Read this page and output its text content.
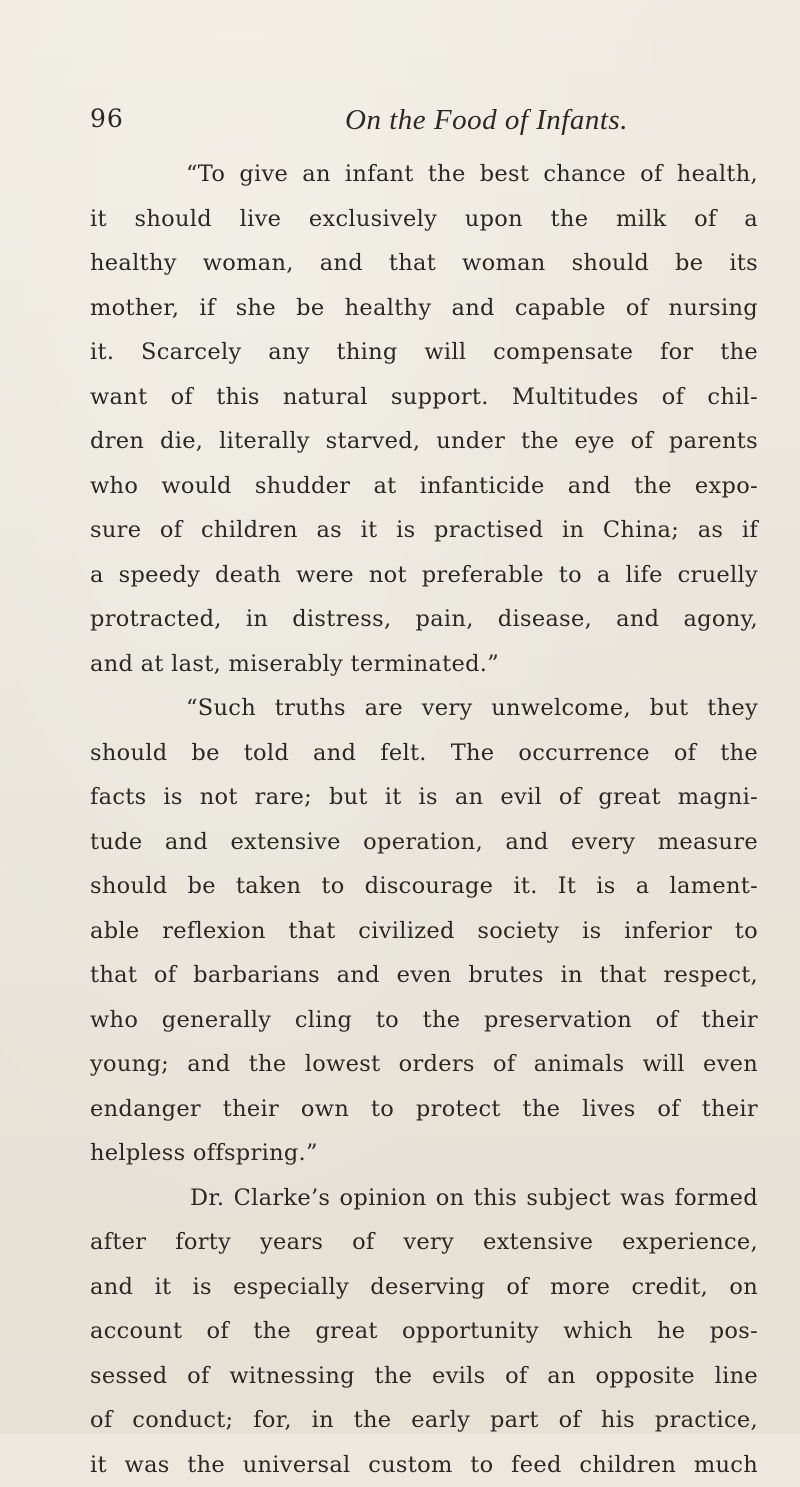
96	On the Food of Infants.
“To give an infant the best chance of health,
it should live exclusively upon the milk of a
healthy woman, and that woman should be its
mother, if she be healthy and capable of nursing
it. Scarcely any thing will compensate for the
want of this natural support. Multitudes of chil-
dren die, literally starved, under the eye of parents
who would shudder at infanticide and the expo-
sure of children as it is practised in China; as if
a speedy death were not preferable to a life cruelly
protracted, in distress, pain, disease, and agony,
and at last, miserably terminated.”
“Such truths are very unwelcome, but they
should be told and felt. The occurrence of the
facts is not rare; but it is an evil of great magni-
tude and extensive operation, and every measure
should be taken to discourage it. It is a lament-
able reflexion that civilized society is inferior to
that of barbarians and even brutes in that respect,
who generally cling to the preservation of their
young; and the lowest orders of animals will even
endanger their own to protect the lives of their
helpless offspring.”
Dr. Clarke’s opinion on this subject was formed
after forty years of very extensive experience,
and it is especially deserving of more credit, on
account of the great opportunity which he pos-
sessed of witnessing the evils of an opposite line
of conduct; for, in the early part of his practice,
it was the universal custom to feed children much
